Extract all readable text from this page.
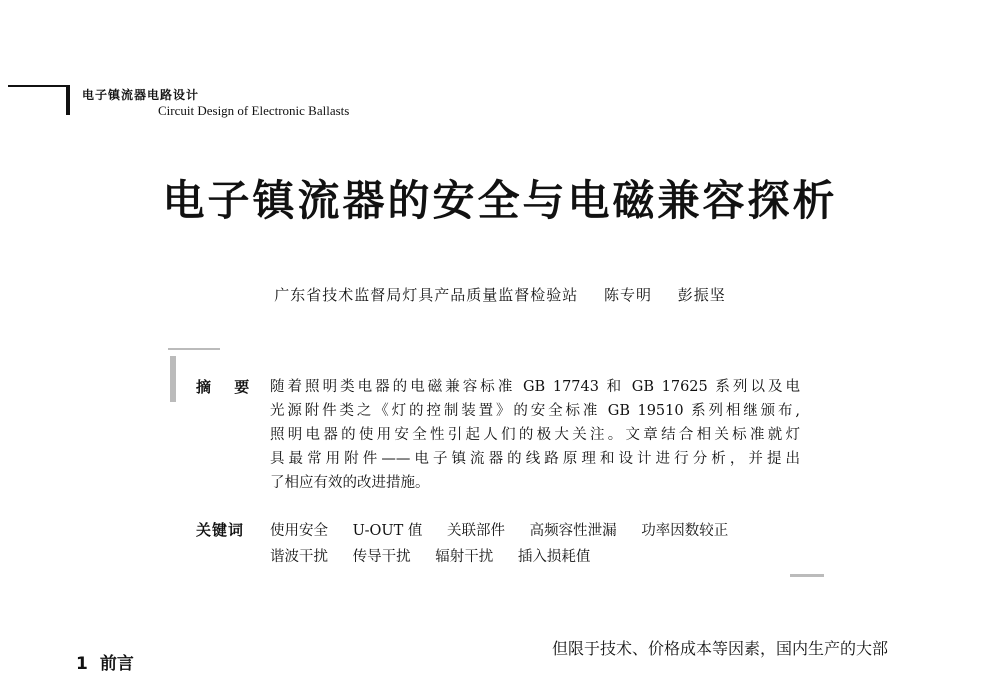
电子镇流器电路设计
Circuit Design of Electronic Ballasts
电子镇流器的安全与电磁兼容探析
广东省技术监督局灯具产品质量监督检验站 陈专明 彭振坚
摘 要 随着照明类电器的电磁兼容标准 GB 17743 和 GB 17625 系列以及电
光源附件类之《灯的控制装置》的安全标准 GB 19510 系列相继颁布,
照明电器的使用安全性引起人们的极大关注。文章结合相关标准就灯
具最常用附件——电子镇流器的线路原理和设计进行分析，并提出
了相应有效的改进措施。
关键词 使用安全 U-OUT 值 关联部件 高频容性泄漏 功率因数较正
谐波干扰 传导干扰 辐射干扰 插入损耗值
1 前言
但限于技术、价格成本等因素，国内生产的大部
